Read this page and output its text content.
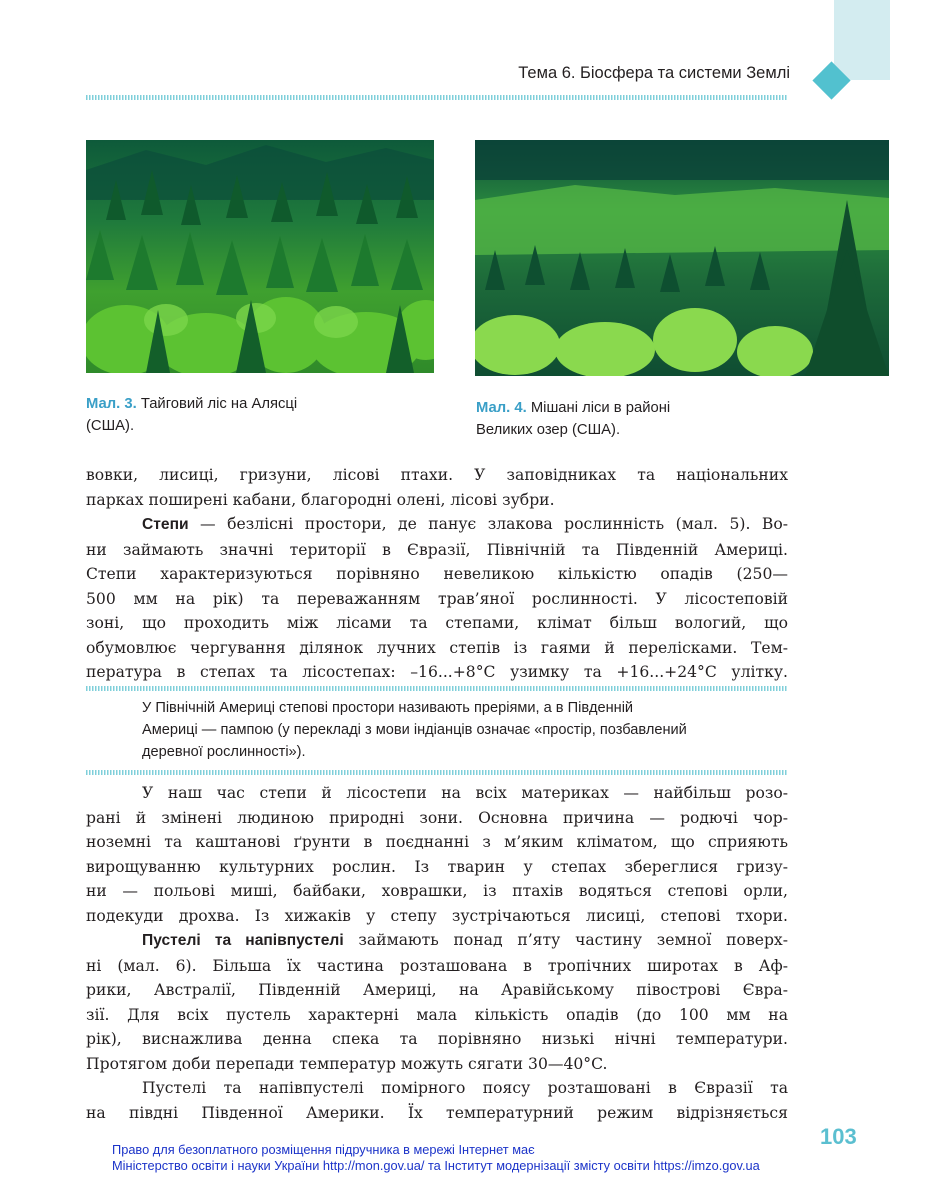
Тема 6. Біосфера та системи Землі
Мал. 3. Тайговий ліс на Алясці
(США).
Мал. 4. Мішані ліси в районі
Великих озер (США).
вовки, лисиці, гризуни, лісові птахи. У заповідниках та національних
парках поширені кабани, благородні олені, лісові зубри.
Степи — безлісні простори, де панує злакова рослинність (мал. 5). Во-
ни займають значні території в Євразії, Північній та Південній Америці.
Степи характеризуються порівняно невеликою кількістю опадів (250—
500 мм на рік) та переважанням трав’яної рослинності. У лісостеповій
зоні, що проходить між лісами та степами, клімат більш вологий, що
обумовлює чергування ділянок лучних степів із гаями й перелісками. Тем-
пература в степах та лісостепах: –16...+8°C узимку та +16...+24°C улітку.
У Північній Америці степові простори називають преріями, а в Південній
Америці — пампою (у перекладі з мови індіанців означає «простір, позбавлений
деревної рослинності»).
У наш час степи й лісостепи на всіх материках — найбільш розо-
рані й змінені людиною природні зони. Основна причина — родючі чор-
ноземні та каштанові ґрунти в поєднанні з м’яким кліматом, що сприяють
вирощуванню культурних рослин. Із тварин у степах збереглися гризу-
ни — польові миші, байбаки, ховрашки, із птахів водяться степові орли,
подекуди дрохва. Із хижаків у степу зустрічаються лисиці, степові тхори.
Пустелі та напівпустелі займають понад п’яту частину земної поверх-
ні (мал. 6). Більша їх частина розташована в тропічних широтах в Аф-
рики, Австралії, Південній Америці, на Аравійському півострові Євра-
зії. Для всіх пустель характерні мала кількість опадів (до 100 мм на
рік), виснажлива денна спека та порівняно низькі нічні температури.
Протягом доби перепади температур можуть сягати 30—40°C.
Пустелі та напівпустелі помірного поясу розташовані в Євразії та
на півдні Південної Америки. Їх температурний режим відрізняється
103
Право для безоплатного розміщення підручника в мережі Інтернет має
Міністерство освіти і науки України http://mon.gov.ua/ та Інститут модернізації змісту освіти https://imzo.gov.ua
